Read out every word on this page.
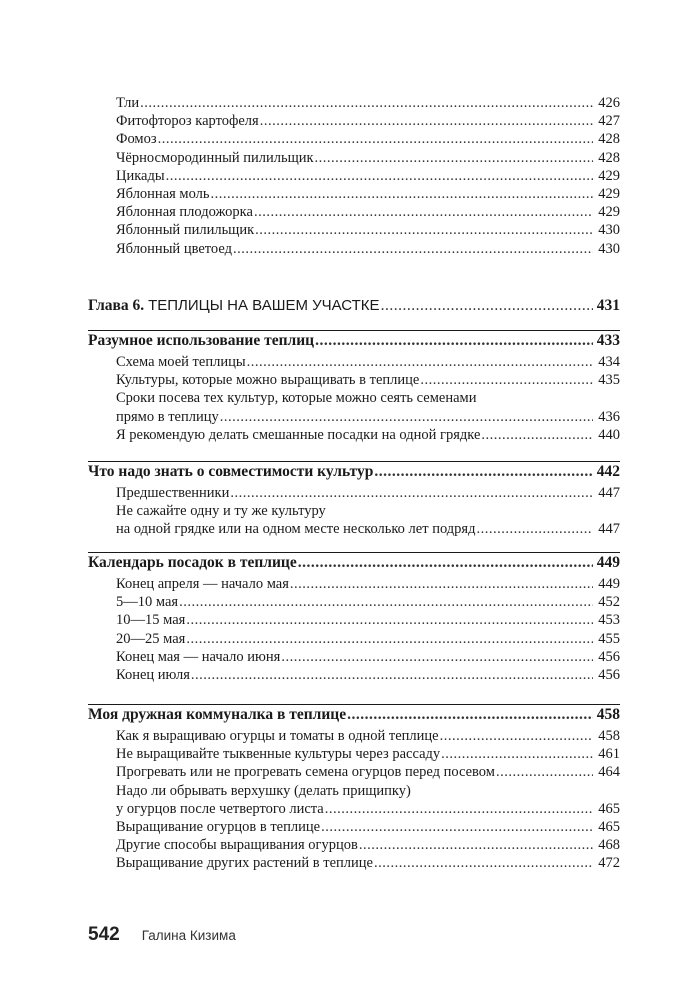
Тли .....	426
Фитофтороз картофеля .....	427
Фомоз .....	428
Чёрносмородинный пилильщик .....	428
Цикады .....	429
Яблонная моль .....	429
Яблонная плодожорка .....	429
Яблонный пилильщик .....	430
Яблонный цветоед .....	430
Глава 6. ТЕПЛИЦЫ НА ВАШЕМ УЧАСТКЕ .....	431
Разумное использование теплиц .....	433
Схема моей теплицы .....	434
Культуры, которые можно выращивать в теплице .....	435
Сроки посева тех культур, которые можно сеять семенами
прямо в теплицу .....	436
Я рекомендую делать смешанные посадки на одной грядке .....	440
Что надо знать о совместимости культур .....	442
Предшественники .....	447
Не сажайте одну и ту же культуру
на одной грядке или на одном месте несколько лет подряд .....	447
Календарь посадок в теплице .....	449
Конец апреля — начало мая .....	449
5—10 мая .....	452
10—15 мая .....	453
20—25 мая .....	455
Конец мая — начало июня .....	456
Конец июля .....	456
Моя дружная коммуналка в теплице .....	458
Как я выращиваю огурцы и томаты в одной теплице .....	458
Не выращивайте тыквенные культуры через рассаду .....	461
Прогревать или не прогревать семена огурцов перед посевом .....	464
Надо ли обрывать верхушку (делать прищипку)
у огурцов после четвертого листа .....	465
Выращивание огурцов в теплице .....	465
Другие способы выращивания огурцов .....	468
Выращивание других растений в теплице .....	472
542 Галина Кизима
